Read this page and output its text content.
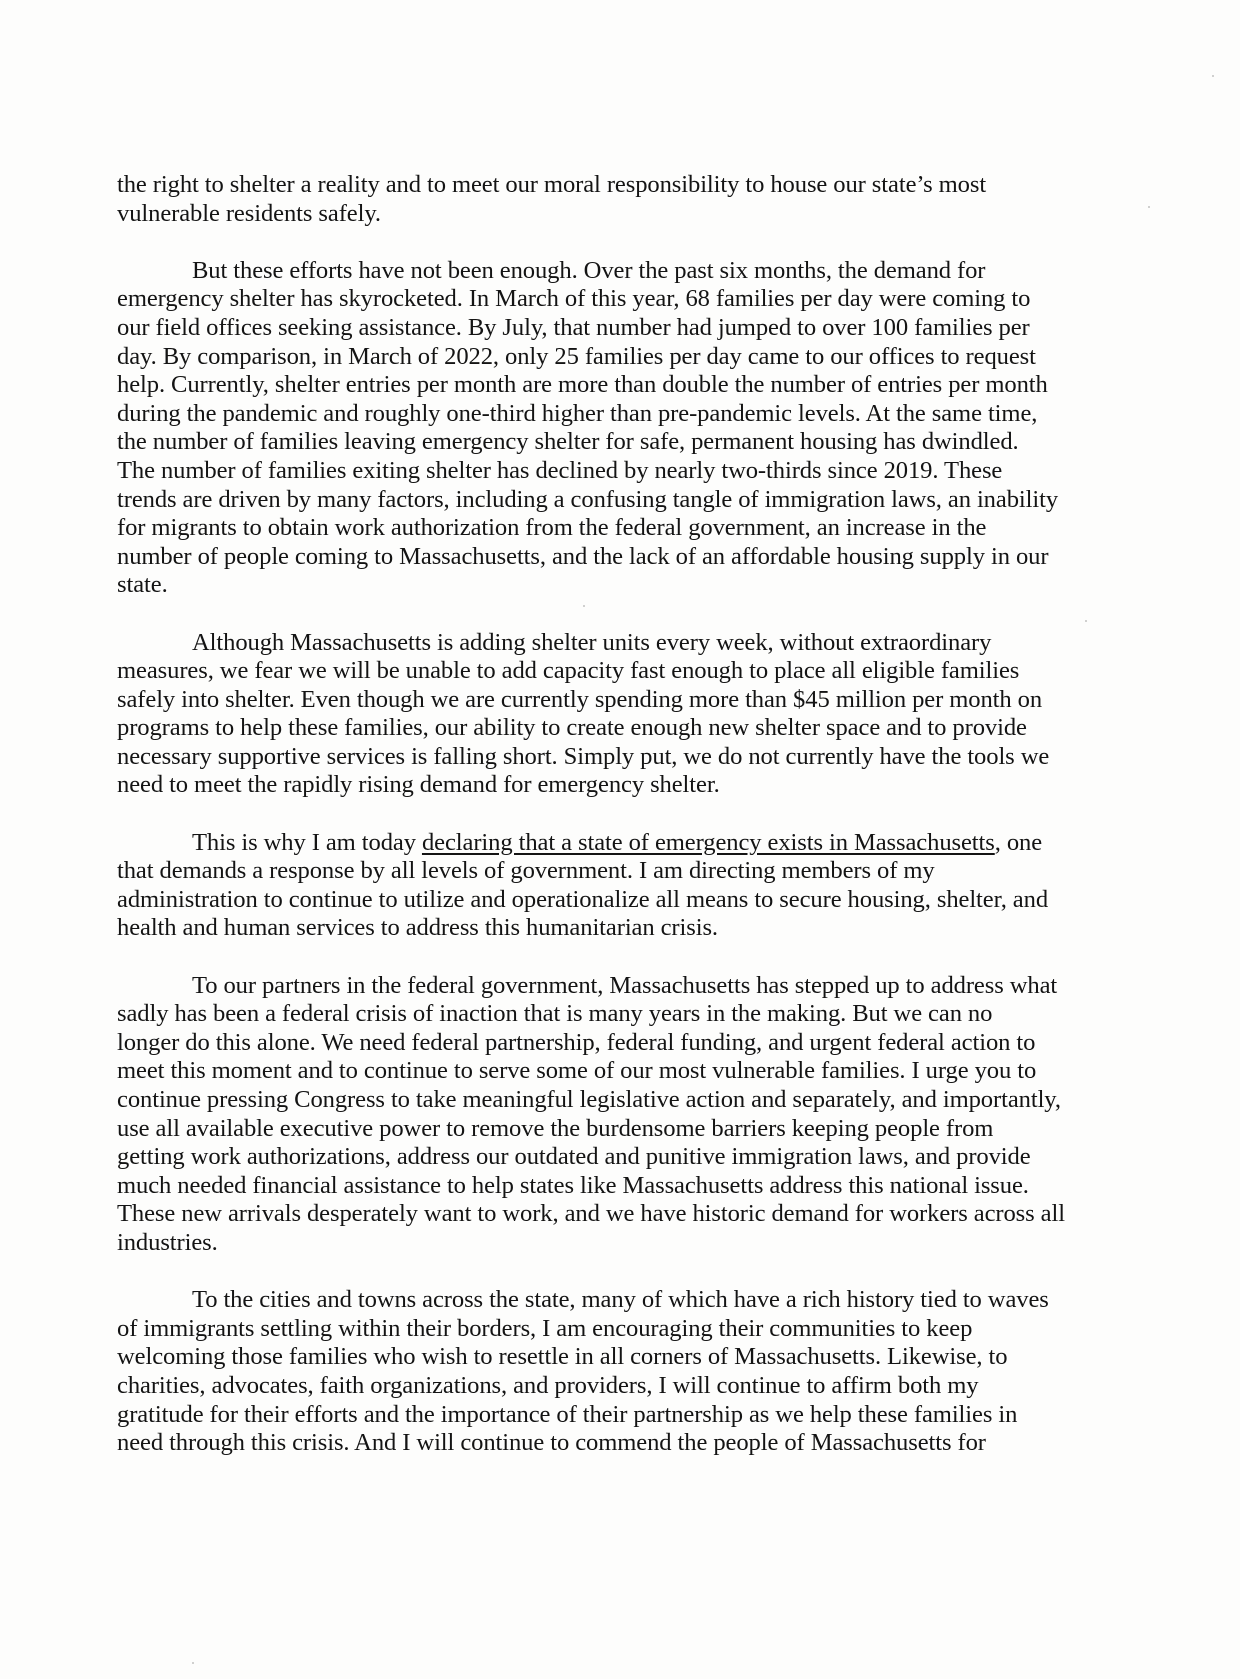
the right to shelter a reality and to meet our moral responsibility to house our state’s most
vulnerable residents safely.
But these efforts have not been enough. Over the past six months, the demand for
emergency shelter has skyrocketed. In March of this year, 68 families per day were coming to
our field offices seeking assistance. By July, that number had jumped to over 100 families per
day. By comparison, in March of 2022, only 25 families per day came to our offices to request
help. Currently, shelter entries per month are more than double the number of entries per month
during the pandemic and roughly one-third higher than pre-pandemic levels. At the same time,
the number of families leaving emergency shelter for safe, permanent housing has dwindled.
The number of families exiting shelter has declined by nearly two-thirds since 2019. These
trends are driven by many factors, including a confusing tangle of immigration laws, an inability
for migrants to obtain work authorization from the federal government, an increase in the
number of people coming to Massachusetts, and the lack of an affordable housing supply in our
state.
Although Massachusetts is adding shelter units every week, without extraordinary
measures, we fear we will be unable to add capacity fast enough to place all eligible families
safely into shelter. Even though we are currently spending more than $45 million per month on
programs to help these families, our ability to create enough new shelter space and to provide
necessary supportive services is falling short. Simply put, we do not currently have the tools we
need to meet the rapidly rising demand for emergency shelter.
This is why I am today declaring that a state of emergency exists in Massachusetts, one
that demands a response by all levels of government. I am directing members of my
administration to continue to utilize and operationalize all means to secure housing, shelter, and
health and human services to address this humanitarian crisis.
To our partners in the federal government, Massachusetts has stepped up to address what
sadly has been a federal crisis of inaction that is many years in the making. But we can no
longer do this alone. We need federal partnership, federal funding, and urgent federal action to
meet this moment and to continue to serve some of our most vulnerable families. I urge you to
continue pressing Congress to take meaningful legislative action and separately, and importantly,
use all available executive power to remove the burdensome barriers keeping people from
getting work authorizations, address our outdated and punitive immigration laws, and provide
much needed financial assistance to help states like Massachusetts address this national issue.
These new arrivals desperately want to work, and we have historic demand for workers across all
industries.
To the cities and towns across the state, many of which have a rich history tied to waves
of immigrants settling within their borders, I am encouraging their communities to keep
welcoming those families who wish to resettle in all corners of Massachusetts. Likewise, to
charities, advocates, faith organizations, and providers, I will continue to affirm both my
gratitude for their efforts and the importance of their partnership as we help these families in
need through this crisis. And I will continue to commend the people of Massachusetts for
